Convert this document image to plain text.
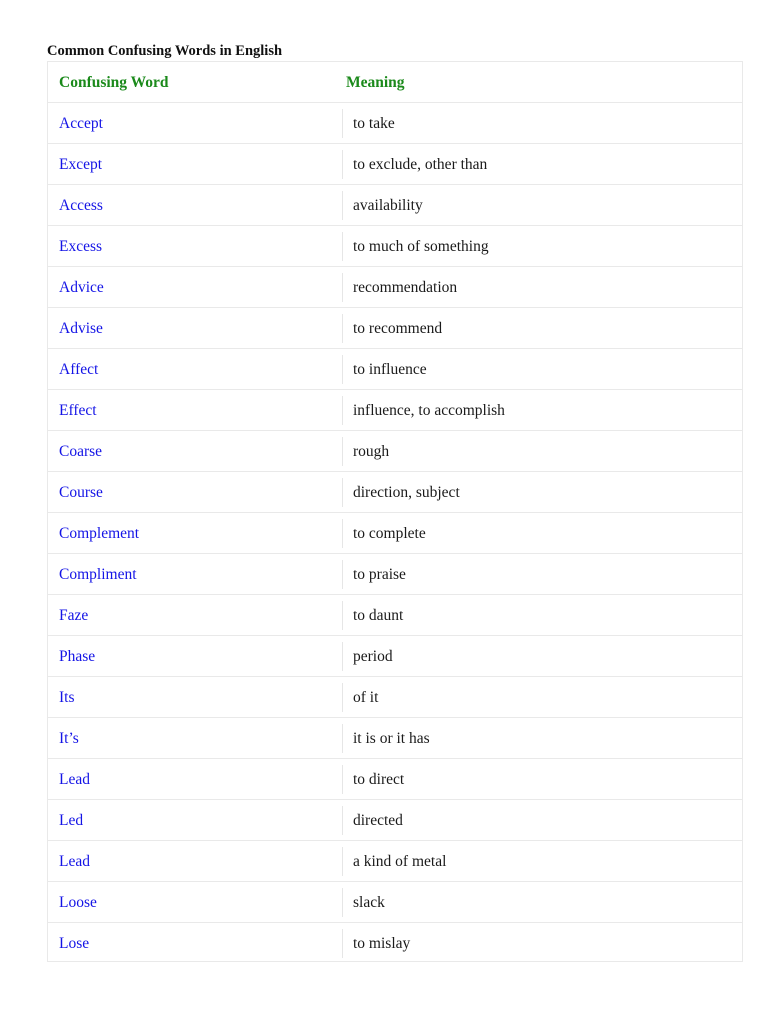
Common Confusing Words in English
Confusing Word	Meaning
Accept	to take
Except	to exclude, other than
Access	availability
Excess	to much of something
Advice	recommendation
Advise	to recommend
Affect	to influence
Effect	influence, to accomplish
Coarse	rough
Course	direction, subject
Complement	to complete
Compliment	to praise
Faze	to daunt
Phase	period
Its	of it
It’s	it is or it has
Lead	to direct
Led	directed
Lead	a kind of metal
Loose	slack
Lose	to mislay
